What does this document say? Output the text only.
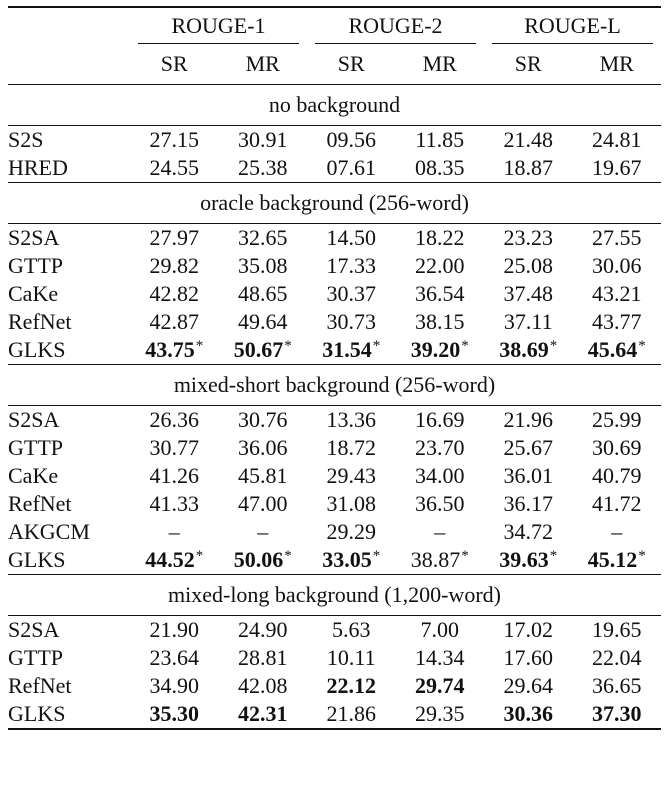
	ROUGE-1		ROUGE-2		ROUGE-L	

	SR	MR	SR	MR	SR	MR
no background						
S2S	27.15	30.91	09.56	11.85	21.48	24.81
HRED	24.55	25.38	07.61	08.35	18.87	19.67
oracle background (256-word)						
S2SA	27.97	32.65	14.50	18.22	23.23	27.55
GTTP	29.82	35.08	17.33	22.00	25.08	30.06
CaKe	42.82	48.65	30.37	36.54	37.48	43.21
RefNet	42.87	49.64	30.73	38.15	37.11	43.77
GLKS	43.75*	50.67*	31.54*	39.20*	38.69*	45.64*
mixed-short background (256-word)						
S2SA	26.36	30.76	13.36	16.69	21.96	25.99
GTTP	30.77	36.06	18.72	23.70	25.67	30.69
CaKe	41.26	45.81	29.43	34.00	36.01	40.79
RefNet	41.33	47.00	31.08	36.50	36.17	41.72
AKGCM	–	–	29.29	–	34.72	–
GLKS	44.52*	50.06*	33.05*	38.87*	39.63*	45.12*
mixed-long background (1,200-word)						
S2SA	21.90	24.90	5.63	7.00	17.02	19.65
GTTP	23.64	28.81	10.11	14.34	17.60	22.04
RefNet	34.90	42.08	22.12	29.74	29.64	36.65
GLKS	35.30	42.31	21.86	29.35	30.36	37.30
